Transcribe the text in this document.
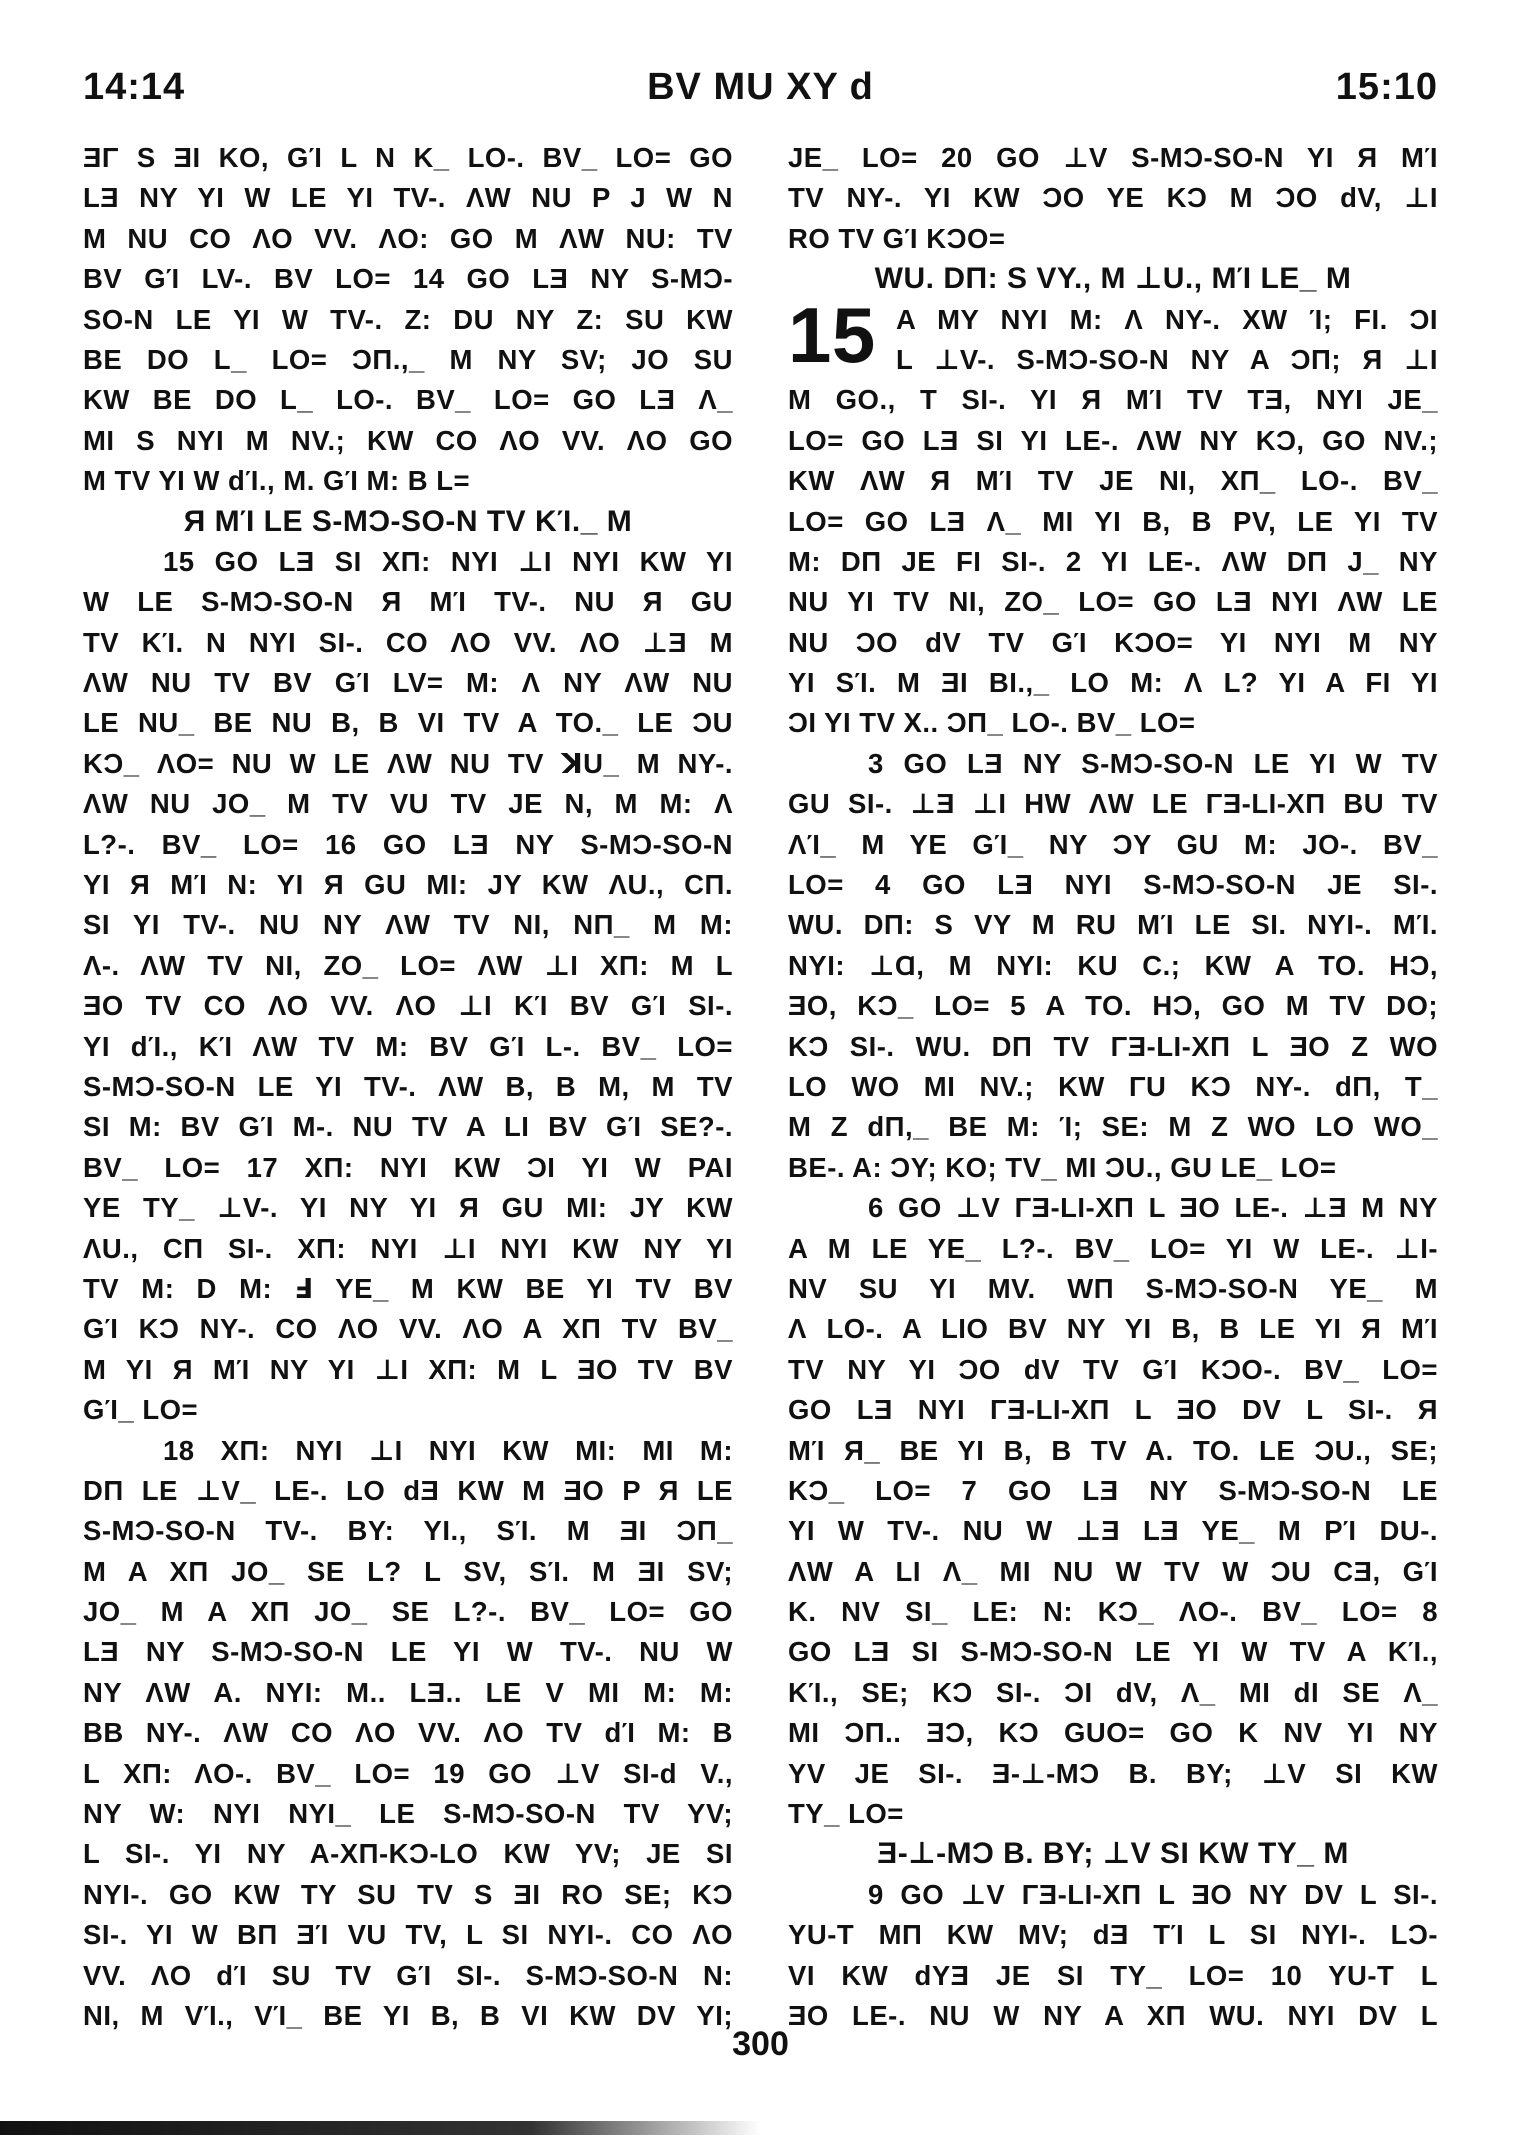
14:14	BV MU XY d	15:10
ƎΓ S ƎI KO, GΊ L N K_ LO-. BV_ LO= GO
LƎ NY YI W LE YI TV-. ΛW NU P J W N
M NU CO ΛO VV. ΛO: GO M ΛW NU: TV
BV GΊ LV-. BV LO= 14 GO LƎ NY S-MƆ-
SO-N LE YI W TV-. Z: DU NY Z: SU KW
BE DO L_ LO= ƆΠ.,_ M NY SV; JO SU
KW BE DO L_ LO-. BV_ LO= GO LƎ Λ_
MI S NYI M NV.; KW CO ΛO VV. ΛO GO
M TV YI W dΊ., M. GΊ M: B L=
Я MΊ LE S-MƆ-SO-N TV KΊ._ M
15 GO LƎ SI XΠ: NYI ⊥I NYI KW YI
W LE S-MƆ-SO-N Я MΊ TV-. NU Я GU
TV KΊ. N NYI SI-. CO ΛO VV. ΛO ⊥Ǝ M
ΛW NU TV BV GΊ LV= M: Λ NY ΛW NU
LE NU_ BE NU B, B VI TV A TO._ LE ƆU
KƆ_ ΛO= NU W LE ΛW NU TV ꓘU_ M NY-.
ΛW NU JO_ M TV VU TV JE N, M M: Λ
L?-. BV_ LO= 16 GO LƎ NY S-MƆ-SO-N
YI Я MΊ N: YI Я GU MI: JY KW ΛU., CΠ.
SI YI TV-. NU NY ΛW TV NI, NΠ_ M M:
Λ-. ΛW TV NI, ZO_ LO= ΛW ⊥I XΠ: M L
ƎO TV CO ΛO VV. ΛO ⊥I KΊ BV GΊ SI-.
YI dΊ., KΊ ΛW TV M: BV GΊ L-. BV_ LO=
S-MƆ-SO-N LE YI TV-. ΛW B, B M, M TV
SI M: BV GΊ M-. NU TV A LI BV GΊ SE?-.
BV_ LO= 17 XΠ: NYI KW ƆI YI W PAI
YE TY_ ⊥V-. YI NY YI Я GU MI: JY KW
ΛU., CΠ SI-. XΠ: NYI ⊥I NYI KW NY YI
TV M: D M: Ⅎ YE_ M KW BE YI TV BV
GΊ KƆ NY-. CO ΛO VV. ΛO A XΠ TV BV_
M YI Я MΊ NY YI ⊥I XΠ: M L ƎO TV BV
GΊ_ LO=
18 XΠ: NYI ⊥I NYI KW MI: MI M:
DΠ LE ⊥V_ LE-. LO dƎ KW M ƎO P Я LE
S-MƆ-SO-N TV-. BY: YI., SΊ. M ƎI ƆΠ_
M A XΠ JO_ SE L? L SV, SΊ. M ƎI SV;
JO_ M A XΠ JO_ SE L?-. BV_ LO= GO
LƎ NY S-MƆ-SO-N LE YI W TV-. NU W
NY ΛW A. NYI: M.. LƎ.. LE V MI M: M:
BB NY-. ΛW CO ΛO VV. ΛO TV dΊ M: B
L XΠ: ΛO-. BV_ LO= 19 GO ⊥V SI-d V.,
NY W: NYI NYI_ LE S-MƆ-SO-N TV YV;
L SI-. YI NY A-XΠ-KƆ-LO KW YV; JE SI
NYI-. GO KW TY SU TV S ƎI RO SE; KƆ
SI-. YI W BΠ ƎΊ VU TV, L SI NYI-. CO ΛO
VV. ΛO dΊ SU TV GΊ SI-. S-MƆ-SO-N N:
NI, M VΊ., VΊ_ BE YI B, B VI KW DV YI;
JE_ LO= 20 GO ⊥V S-MƆ-SO-N YI Я MΊ
TV NY-. YI KW ƆO YE KƆ M ƆO dV, ⊥I
RO TV GΊ KƆO=
WU. DΠ: S VY., M ⊥U., MΊ LE_ M
A MY NYI M: Λ NY-. XW Ί; FI. ƆI
L ⊥V-. S-MƆ-SO-N NY A ƆΠ; Я ⊥I
M GO., T SI-. YI Я MΊ TV TƎ, NYI JE_
LO= GO LƎ SI YI LE-. ΛW NY KƆ, GO NV.;
KW ΛW Я MΊ TV JE NI, XΠ_ LO-. BV_
LO= GO LƎ Λ_ MI YI B, B PV, LE YI TV
M: DΠ JE FI SI-. 2 YI LE-. ΛW DΠ J_ NY
NU YI TV NI, ZO_ LO= GO LƎ NYI ΛW LE
NU ƆO dV TV GΊ KƆO= YI NYI M NY
YI SΊ. M ƎI BI.,_ LO M: Λ L? YI A FI YI
ƆI YI TV X.. ƆΠ_ LO-. BV_ LO=
3 GO LƎ NY S-MƆ-SO-N LE YI W TV
GU SI-. ⊥Ǝ ⊥I HW ΛW LE ΓƎ-LI-XΠ BU TV
ΛΊ_ M YE GΊ_ NY ƆY GU M: JO-. BV_
LO= 4 GO LƎ NYI S-MƆ-SO-N JE SI-.
WU. DΠ: S VY M RU MΊ LE SI. NYI-. MΊ.
NYI: ⊥Ɑ, M NYI: KU C.; KW A TO. HƆ,
ƎO, KƆ_ LO= 5 A TO. HƆ, GO M TV DO;
KƆ SI-. WU. DΠ TV ΓƎ-LI-XΠ L ƎO Z WO
LO WO MI NV.; KW ΓU KƆ NY-. dΠ, T_
M Z dΠ,_ BE M: Ί; SE: M Z WO LO WO_
BE-. A: ƆY; KO; TV_ MI ƆU., GU LE_ LO=
6 GO ⊥V ΓƎ-LI-XΠ L ƎO LE-. ⊥Ǝ M NY
A M LE YE_ L?-. BV_ LO= YI W LE-. ⊥I-
NV SU YI MV. WΠ S-MƆ-SO-N YE_ M
Λ LO-. A LIO BV NY YI B, B LE YI Я MΊ
TV NY YI ƆO dV TV GΊ KƆO-. BV_ LO=
GO LƎ NYI ΓƎ-LI-XΠ L ƎO DV L SI-. Я
MΊ Я_ BE YI B, B TV A. TO. LE ƆU., SE;
KƆ_ LO= 7 GO LƎ NY S-MƆ-SO-N LE
YI W TV-. NU W ⊥Ǝ LƎ YE_ M PΊ DU-.
ΛW A LI Λ_ MI NU W TV W ƆU CƎ, GΊ
K. NV SI_ LE: N: KƆ_ ΛO-. BV_ LO= 8
GO LƎ SI S-MƆ-SO-N LE YI W TV A KΊ.,
KΊ., SE; KƆ SI-. ƆI dV, Λ_ MI dI SE Λ_
MI ƆΠ.. ƎƆ, KƆ GUO= GO K NV YI NY
YV JE SI-. Ǝ-⊥-MƆ B. BY; ⊥V SI KW
TY_ LO=
Ǝ-⊥-MƆ B. BY; ⊥V SI KW TY_ M
9 GO ⊥V ΓƎ-LI-XΠ L ƎO NY DV L SI-.
YU-T MΠ KW MV; dƎ TΊ L SI NYI-. LƆ-
VI KW dYƎ JE SI TY_ LO= 10 YU-T L
ƎO LE-. NU W NY A XΠ WU. NYI DV L
15
300
